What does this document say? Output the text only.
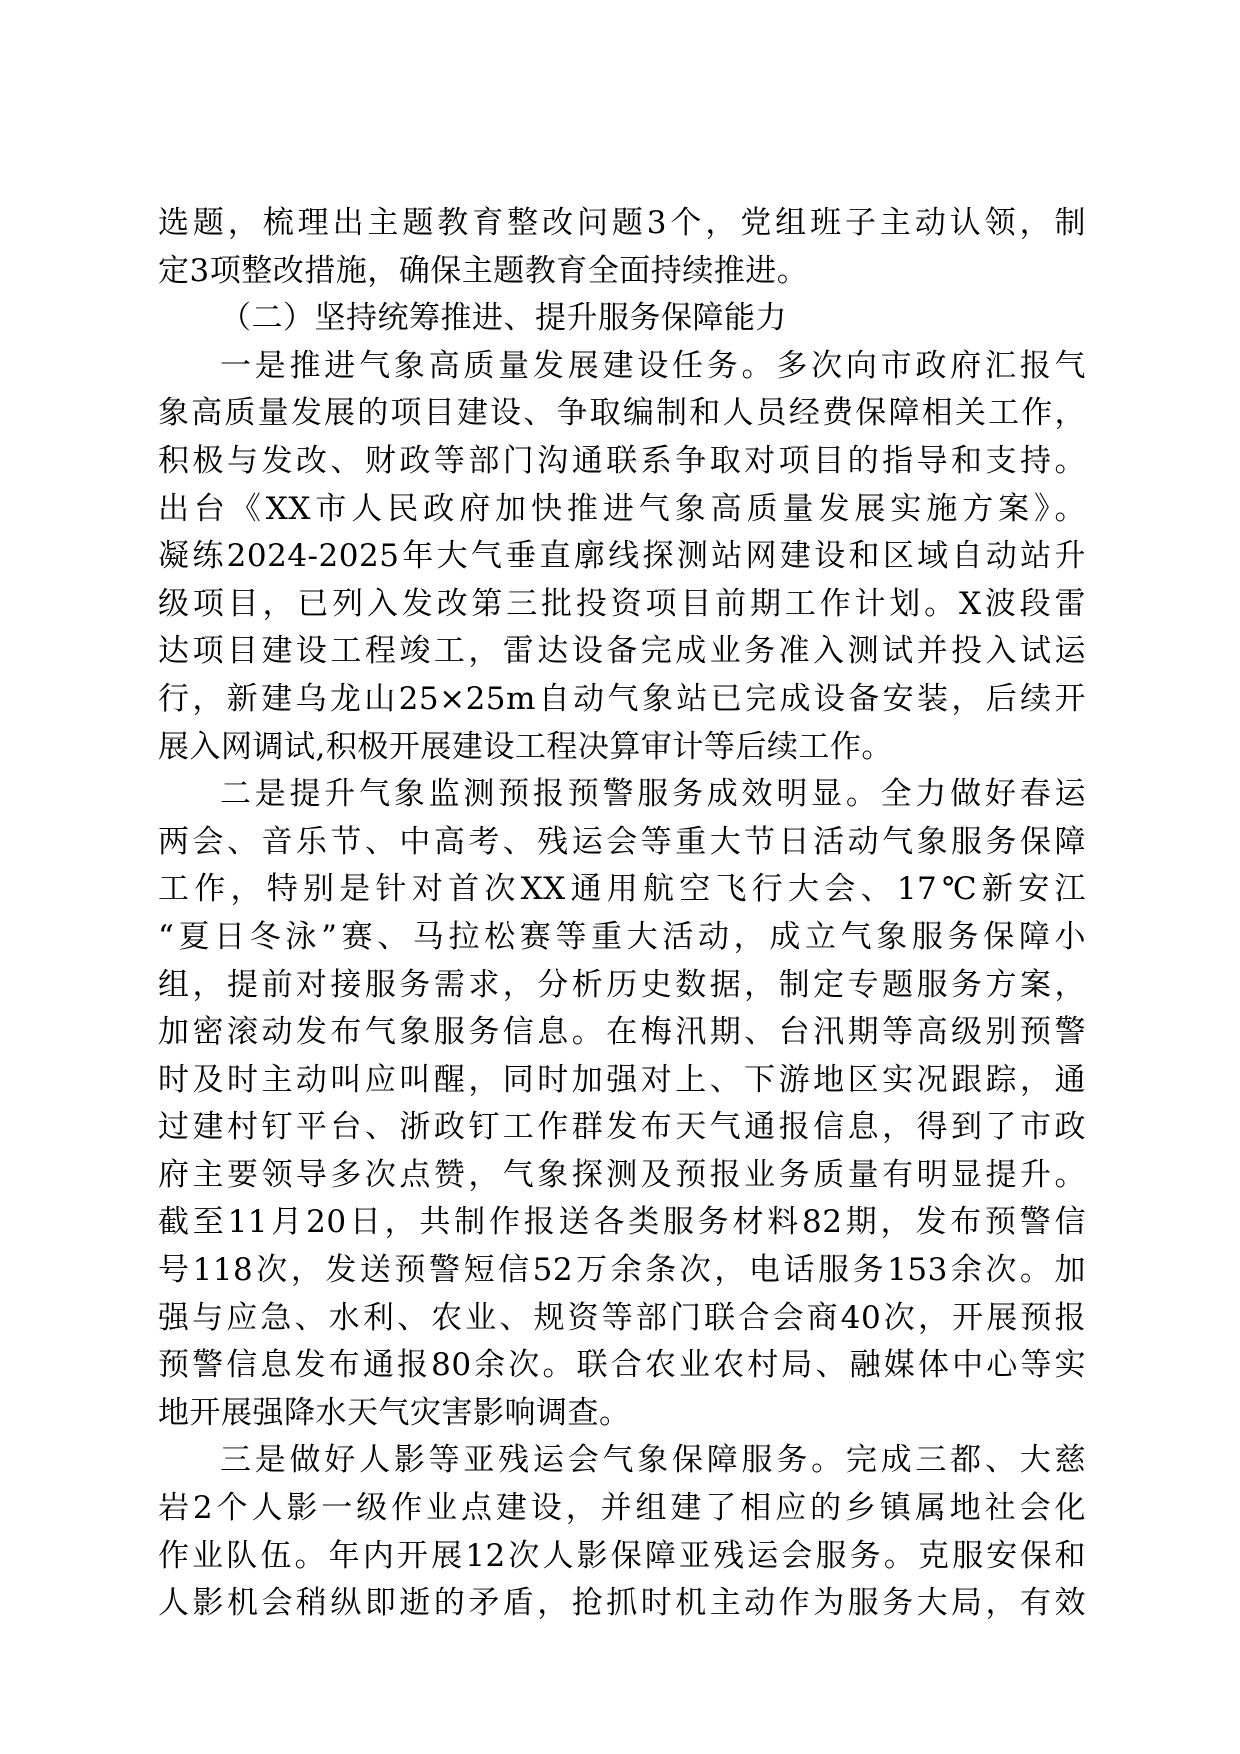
选题，梳理出主题教育整改问题3个，党组班子主动认领，制
定3项整改措施，确保主题教育全面持续推进。
（二）坚持统筹推进、提升服务保障能力
一是推进气象高质量发展建设任务。多次向市政府汇报气
象高质量发展的项目建设、争取编制和人员经费保障相关工作，
积极与发改、财政等部门沟通联系争取对项目的指导和支持。
出台《XX市人民政府加快推进气象高质量发展实施方案》。
凝练2024-2025年大气垂直廓线探测站网建设和区域自动站升
级项目，已列入发改第三批投资项目前期工作计划。X波段雷
达项目建设工程竣工，雷达设备完成业务准入测试并投入试运
行，新建乌龙山25×25m自动气象站已完成设备安装，后续开
展入网调试,积极开展建设工程决算审计等后续工作。
二是提升气象监测预报预警服务成效明显。全力做好春运
两会、音乐节、中高考、残运会等重大节日活动气象服务保障
工作，特别是针对首次XX通用航空飞行大会、17℃新安江
“夏日冬泳”赛、马拉松赛等重大活动，成立气象服务保障小
组，提前对接服务需求，分析历史数据，制定专题服务方案，
加密滚动发布气象服务信息。在梅汛期、台汛期等高级别预警
时及时主动叫应叫醒，同时加强对上、下游地区实况跟踪，通
过建村钉平台、浙政钉工作群发布天气通报信息，得到了市政
府主要领导多次点赞，气象探测及预报业务质量有明显提升。
截至11月20日，共制作报送各类服务材料82期，发布预警信
号118次，发送预警短信52万余条次，电话服务153余次。加
强与应急、水利、农业、规资等部门联合会商40次，开展预报
预警信息发布通报80余次。联合农业农村局、融媒体中心等实
地开展强降水天气灾害影响调查。
三是做好人影等亚残运会气象保障服务。完成三都、大慈
岩2个人影一级作业点建设，并组建了相应的乡镇属地社会化
作业队伍。年内开展12次人影保障亚残运会服务。克服安保和
人影机会稍纵即逝的矛盾，抢抓时机主动作为服务大局，有效
